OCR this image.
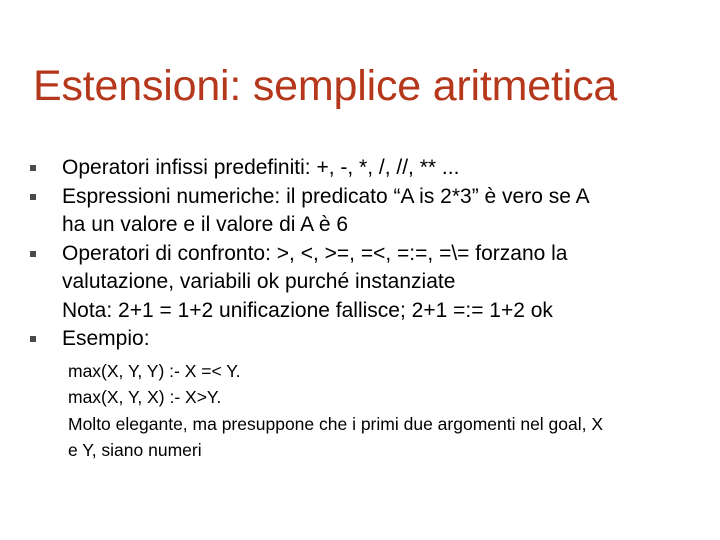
Estensioni: semplice aritmetica
Operatori infissi predefiniti: +, -, *, /, //, ** ...
Espressioni numeriche: il predicato “A is 2*3” è vero se A
ha un valore e il valore di A è 6
Operatori di confronto: >, <, >=, =<, =:=, =\= forzano la
valutazione, variabili ok purché instanziate
Nota: 2+1 = 1+2 unificazione fallisce; 2+1 =:= 1+2 ok
Esempio:
max(X, Y, Y) :- X =< Y.
max(X, Y, X) :- X>Y.
Molto elegante, ma presuppone che i primi due argomenti nel goal, X
e Y, siano numeri
